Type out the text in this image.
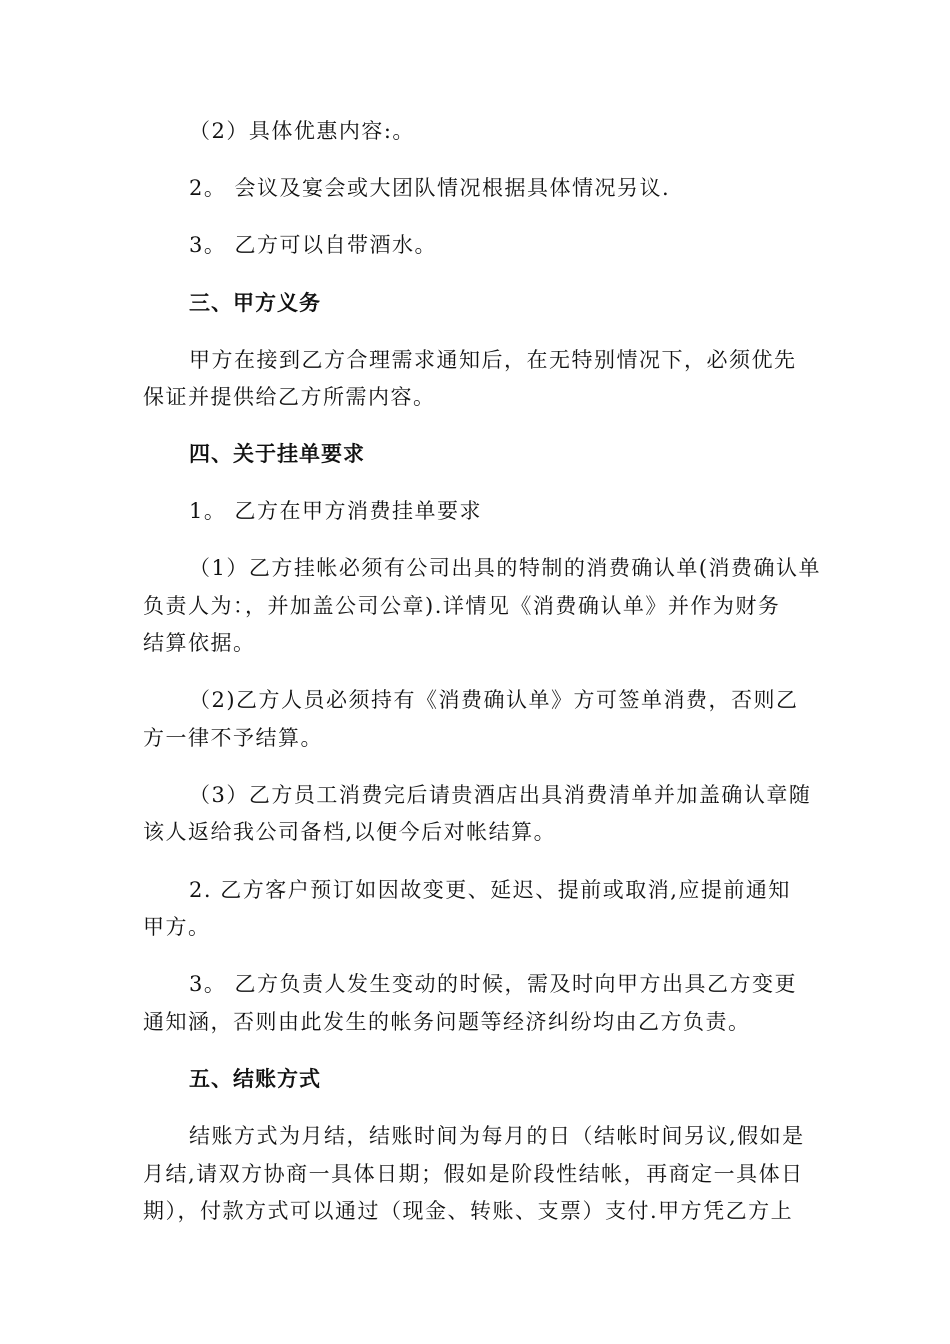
（2）具体优惠内容:。
2。 会议及宴会或大团队情况根据具体情况另议.
3。 乙方可以自带酒水。
三、甲方义务
甲方在接到乙方合理需求通知后，在无特别情况下，必须优先
保证并提供给乙方所需内容。
四、关于挂单要求
1。 乙方在甲方消费挂单要求
（1）乙方挂帐必须有公司出具的特制的消费确认单(消费确认单
负责人为：，并加盖公司公章).详情见《消费确认单》并作为财务
结算依据。
（2)乙方人员必须持有《消费确认单》方可签单消费，否则乙
方一律不予结算。
（3）乙方员工消费完后请贵酒店出具消费清单并加盖确认章随
该人返给我公司备档,以便今后对帐结算。
2. 乙方客户预订如因故变更、延迟、提前或取消,应提前通知
甲方。
3。 乙方负责人发生变动的时候，需及时向甲方出具乙方变更
通知涵，否则由此发生的帐务问题等经济纠纷均由乙方负责。
五、结账方式
结账方式为月结，结账时间为每月的日（结帐时间另议,假如是
月结,请双方协商一具体日期；假如是阶段性结帐，再商定一具体日
期），付款方式可以通过（现金、转账、支票）支付.甲方凭乙方上
